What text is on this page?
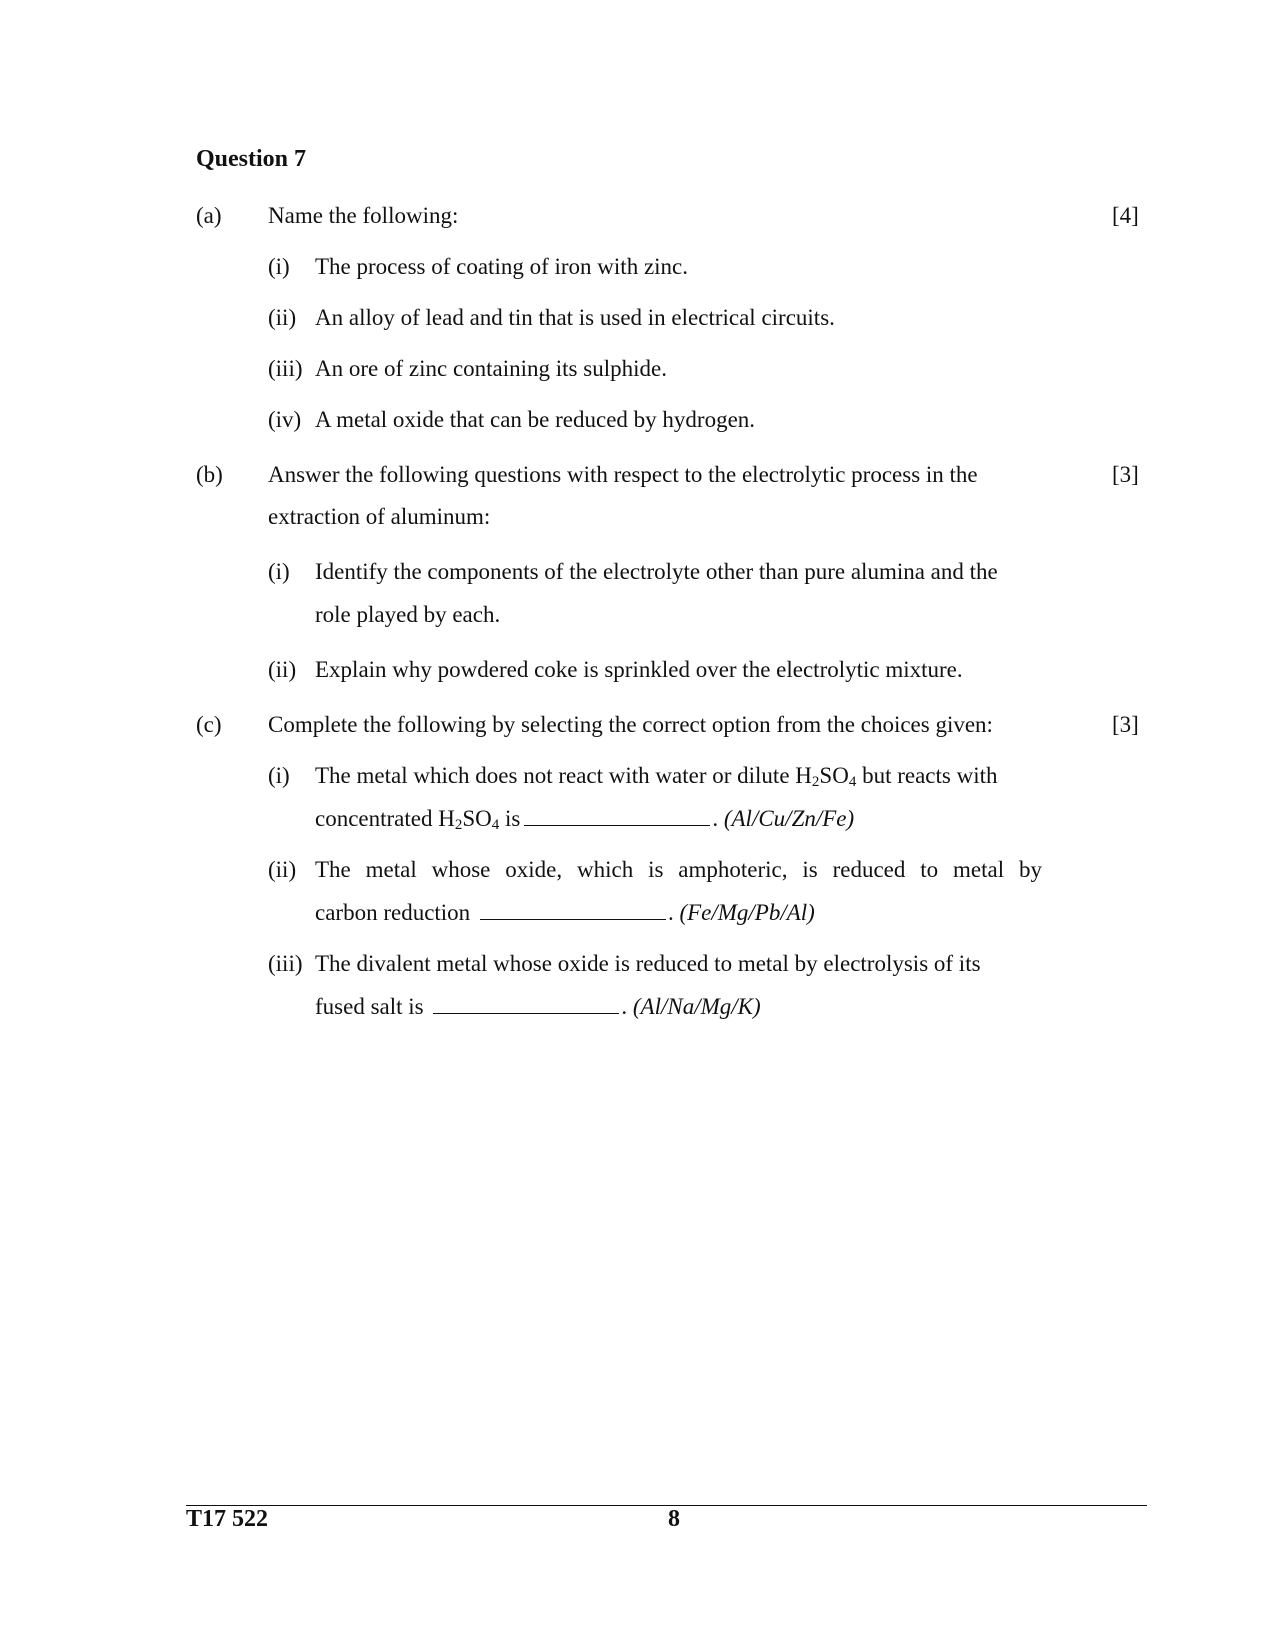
Question 7
(a) Name the following:	[4]
(i) The process of coating of iron with zinc.
(ii) An alloy of lead and tin that is used in electrical circuits.
(iii) An ore of zinc containing its sulphide.
(iv) A metal oxide that can be reduced by hydrogen.
(b) Answer the following questions with respect to the electrolytic process in the	[3]
extraction of aluminum:
(i) Identify the components of the electrolyte other than pure alumina and the
role played by each.
(ii) Explain why powdered coke is sprinkled over the electrolytic mixture.
(c) Complete the following by selecting the correct option from the choices given:	[3]
(i) The metal which does not react with water or dilute $H_2SO_4$ but reacts with
concentrated $H_2SO_4$ is	. (Al/Cu/Zn/Fe)
(ii) The metal whose oxide, which is amphoteric, is reduced to metal by
carbon reduction	. (Fe/Mg/Pb/Al)
(iii) The divalent metal whose oxide is reduced to metal by electrolysis of its
fused salt is	. (Al/Na/Mg/K)
T17 522	8
